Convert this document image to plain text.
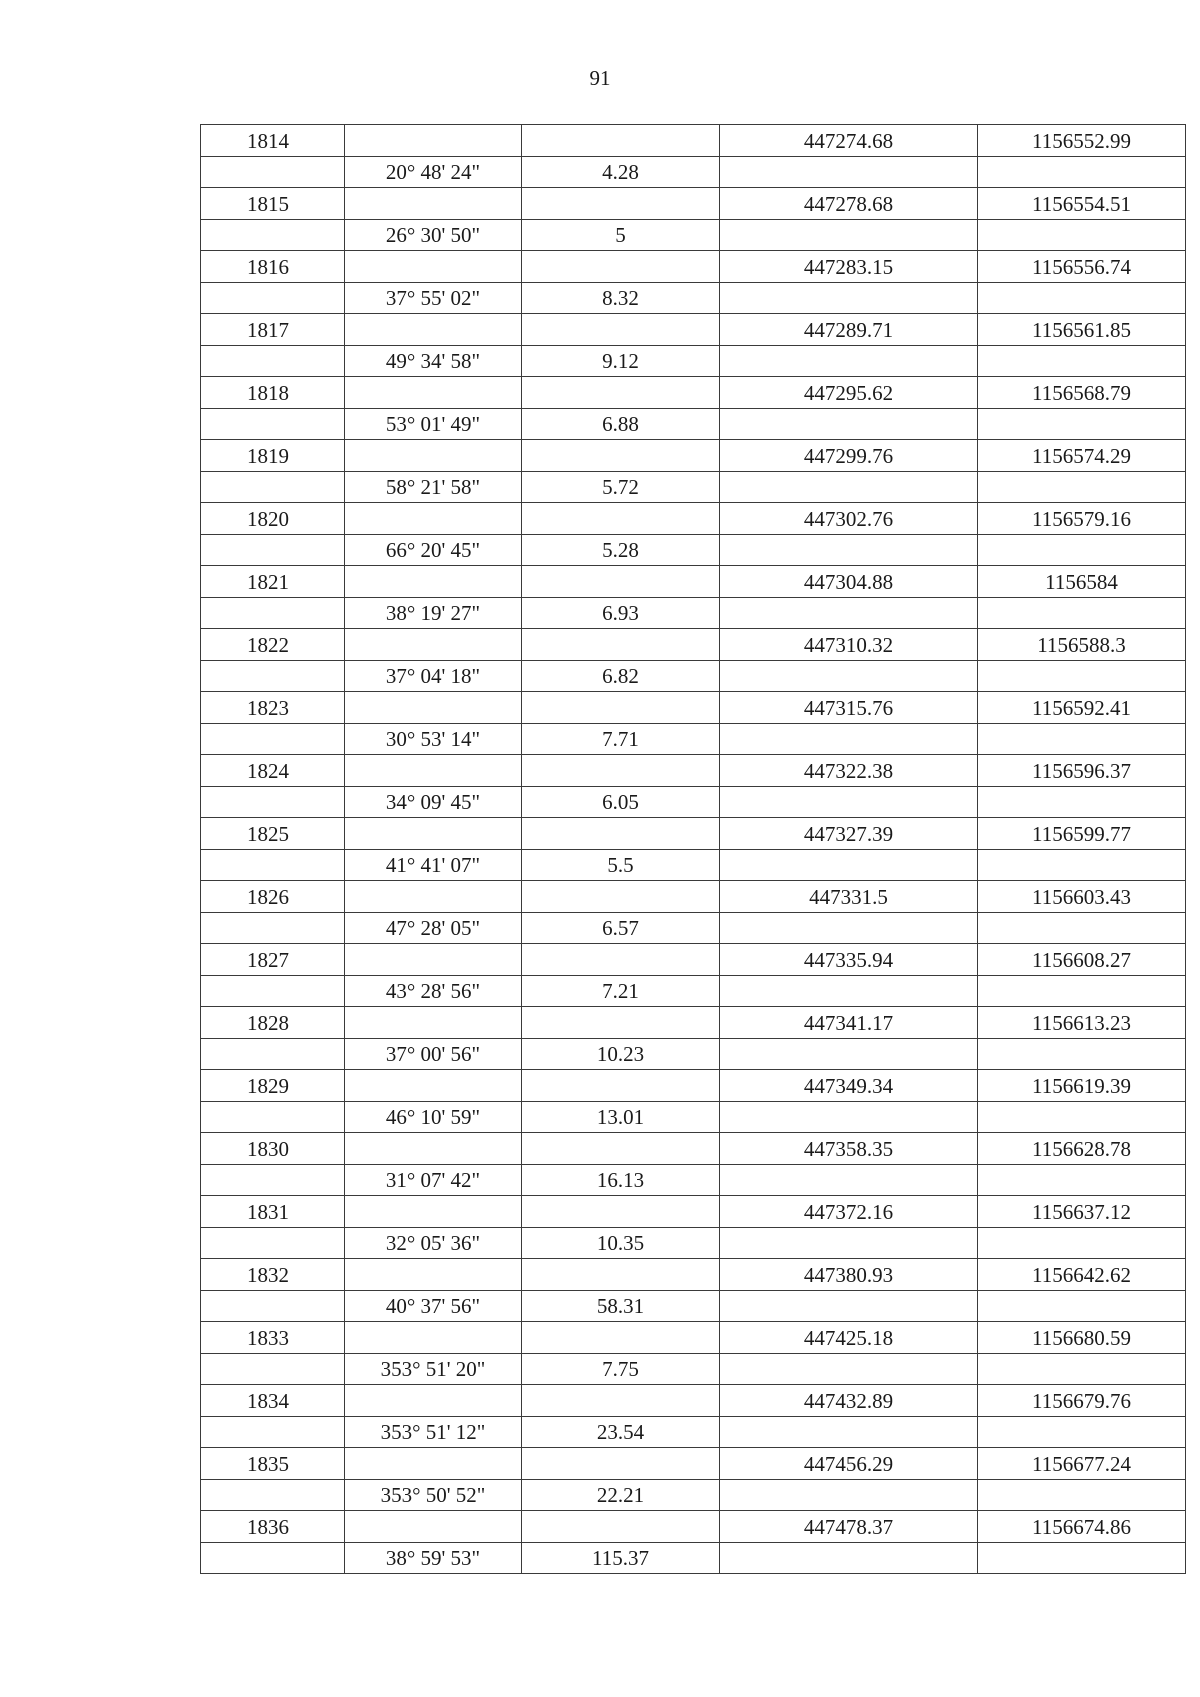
91
1814			447274.68	1156552.99
	20° 48' 24"	4.28		
1815			447278.68	1156554.51
	26° 30' 50"	5		
1816			447283.15	1156556.74
	37° 55' 02"	8.32		
1817			447289.71	1156561.85
	49° 34' 58"	9.12		
1818			447295.62	1156568.79
	53° 01' 49"	6.88		
1819			447299.76	1156574.29
	58° 21' 58"	5.72		
1820			447302.76	1156579.16
	66° 20' 45"	5.28		
1821			447304.88	1156584
	38° 19' 27"	6.93		
1822			447310.32	1156588.3
	37° 04' 18"	6.82		
1823			447315.76	1156592.41
	30° 53' 14"	7.71		
1824			447322.38	1156596.37
	34° 09' 45"	6.05		
1825			447327.39	1156599.77
	41° 41' 07"	5.5		
1826			447331.5	1156603.43
	47° 28' 05"	6.57		
1827			447335.94	1156608.27
	43° 28' 56"	7.21		
1828			447341.17	1156613.23
	37° 00' 56"	10.23		
1829			447349.34	1156619.39
	46° 10' 59"	13.01		
1830			447358.35	1156628.78
	31° 07' 42"	16.13		
1831			447372.16	1156637.12
	32° 05' 36"	10.35		
1832			447380.93	1156642.62
	40° 37' 56"	58.31		
1833			447425.18	1156680.59
	353° 51' 20"	7.75		
1834			447432.89	1156679.76
	353° 51' 12"	23.54		
1835			447456.29	1156677.24
	353° 50' 52"	22.21		
1836			447478.37	1156674.86
	38° 59' 53"	115.37		
